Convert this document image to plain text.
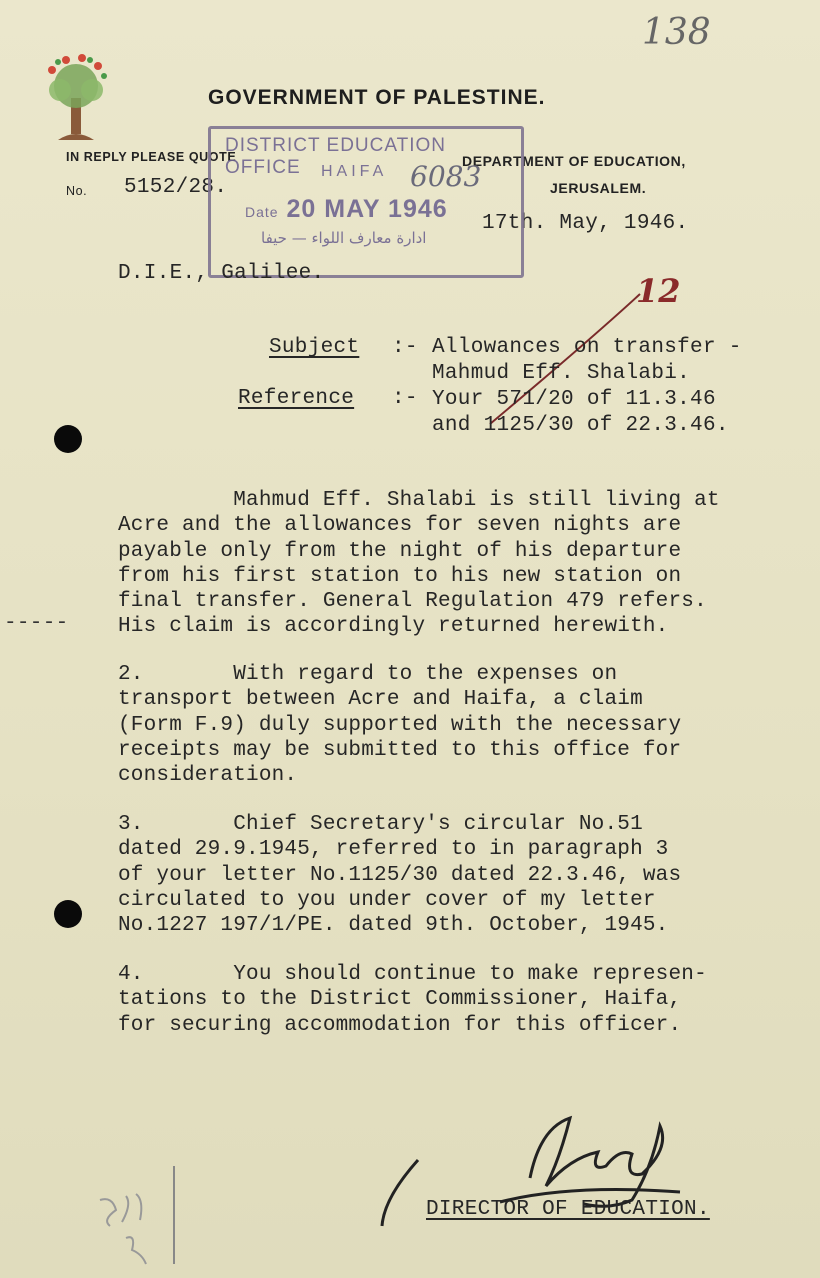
138
GOVERNMENT OF PALESTINE.
IN REPLY PLEASE QUOTE
No. 5152/28.
DEPARTMENT OF EDUCATION,
JERUSALEM.
17th. May, 1946.
DISTRICT EDUCATION OFFICE	HAIFA
Date 20 MAY 1946
ادارة معارف اللواء — حيفا
6083
D.I.E., Galilee.	12
Subject :- Allowances on transfer -
Mahmud Eff. Shalabi.
Reference :- Your 571/20 of 11.3.46
and 1125/30 of 22.3.46.
Mahmud Eff. Shalabi is still living at
Acre and the allowances for seven nights are
payable only from the night of his departure
from his first station to his new station on
final transfer. General Regulation 479 refers.
His claim is accordingly returned herewith.
-----
2.       With regard to the expenses on
transport between Acre and Haifa, a claim
(Form F.9) duly supported with the necessary
receipts may be submitted to this office for
consideration.
3.       Chief Secretary's circular No.51
dated 29.9.1945, referred to in paragraph 3
of your letter No.1125/30 dated 22.3.46, was
circulated to you under cover of my letter
No.1227 197/1/PE. dated 9th. October, 1945.
4.       You should continue to make represen-
tations to the District Commissioner, Haifa,
for securing accommodation for this officer.
DIRECTOR OF EDUCATION.
